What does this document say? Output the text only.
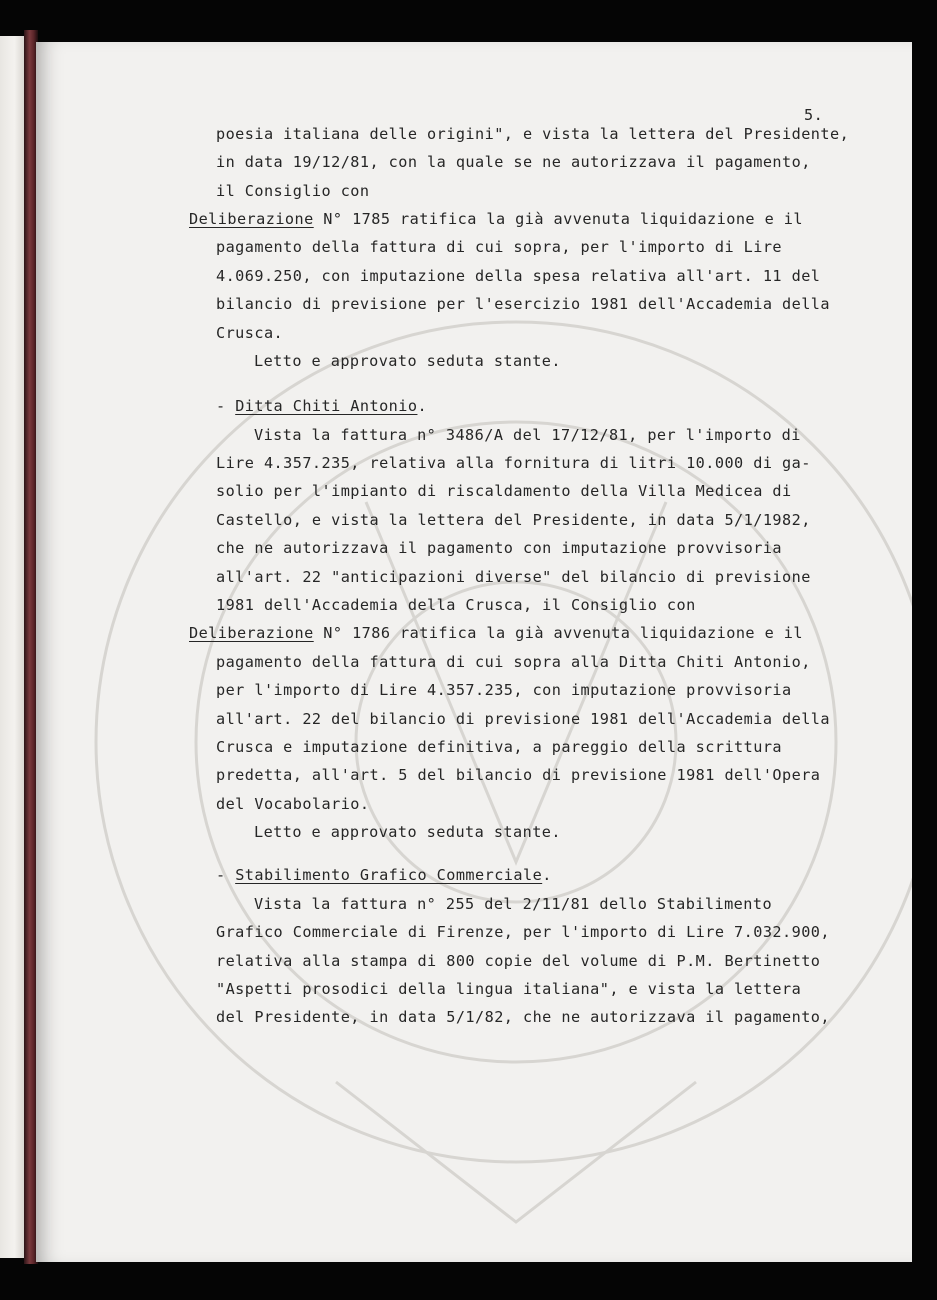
5.
poesia italiana delle origini", e vista la lettera del Presidente,
in data 19/12/81, con la quale se ne autorizzava il pagamento,
il Consiglio con
Deliberazione N° 1785 ratifica la già avvenuta liquidazione e il
pagamento della fattura di cui sopra, per l'importo di Lire
4.069.250, con imputazione della spesa relativa all'art. 11 del
bilancio di previsione per l'esercizio 1981 dell'Accademia della
Crusca.
Letto e approvato seduta stante.
- Ditta Chiti Antonio.
Vista la fattura n° 3486/A del 17/12/81, per l'importo di
Lire 4.357.235, relativa alla fornitura di litri 10.000 di ga-
solio per l'impianto di riscaldamento della Villa Medicea di
Castello, e vista la lettera del Presidente, in data 5/1/1982,
che ne autorizzava il pagamento con imputazione provvisoria
all'art. 22 "anticipazioni diverse" del bilancio di previsione
1981 dell'Accademia della Crusca, il Consiglio con
Deliberazione N° 1786 ratifica la già avvenuta liquidazione e il
pagamento della fattura di cui sopra alla Ditta Chiti Antonio,
per l'importo di Lire 4.357.235, con imputazione provvisoria
all'art. 22 del bilancio di previsione 1981 dell'Accademia della
Crusca e imputazione definitiva, a pareggio della scrittura
predetta, all'art. 5 del bilancio di previsione 1981 dell'Opera
del Vocabolario.
Letto e approvato seduta stante.
- Stabilimento Grafico Commerciale.
Vista la fattura n° 255 del 2/11/81 dello Stabilimento
Grafico Commerciale di Firenze, per l'importo di Lire 7.032.900,
relativa alla stampa di 800 copie del volume di P.M. Bertinetto
"Aspetti prosodici della lingua italiana", e vista la lettera
del Presidente, in data 5/1/82, che ne autorizzava il pagamento,
